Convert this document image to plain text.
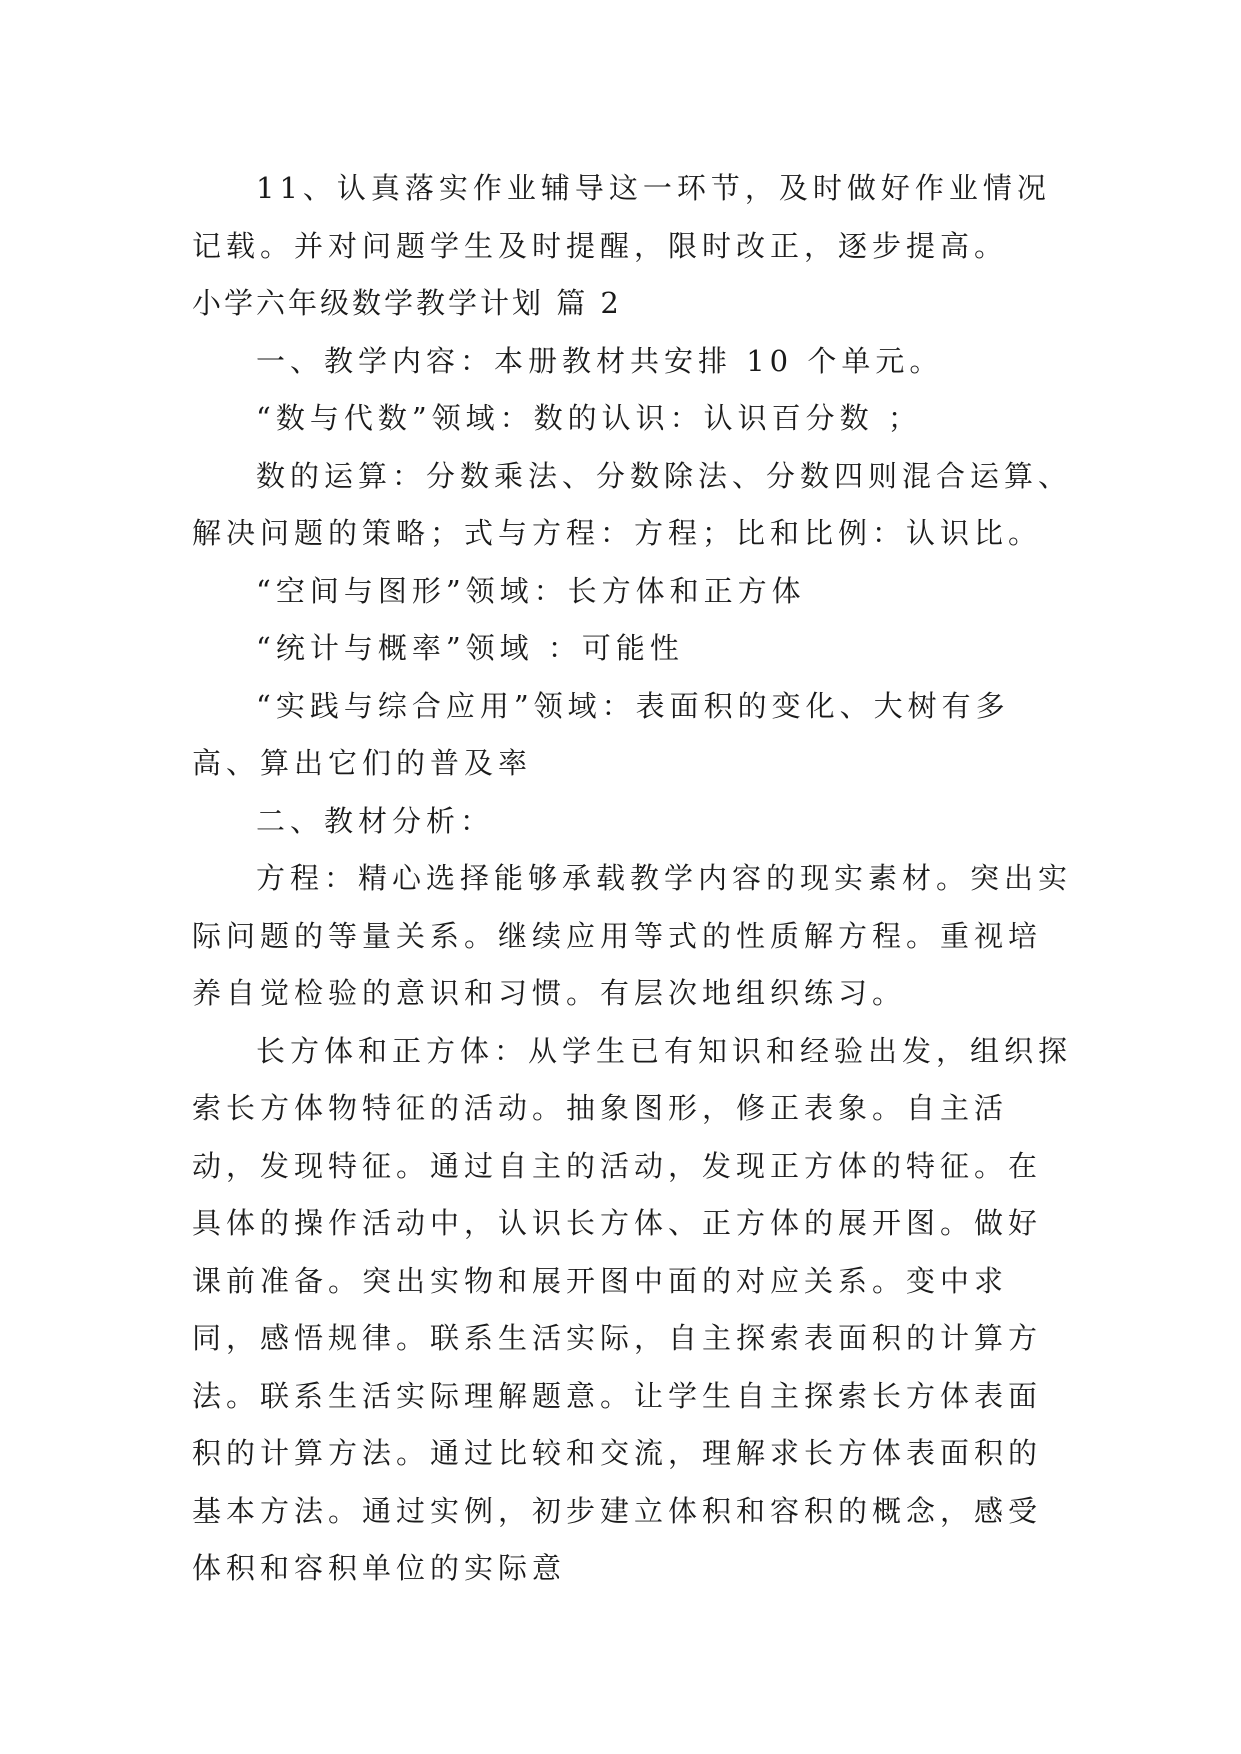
11、认真落实作业辅导这一环节，及时做好作业情况记载。并对问题学生及时提醒，限时改正，逐步提高。

小学六年级数学教学计划 篇 2

一、教学内容：本册教材共安排 10 个单元。

“数与代数”领域：数的认识：认识百分数 ；

数的运算：分数乘法、分数除法、分数四则混合运算、解决问题的策略；式与方程：方程；比和比例：认识比。

“空间与图形”领域：长方体和正方体

“统计与概率”领域 ：可能性

“实践与综合应用”领域：表面积的变化、大树有多高、算出它们的普及率

二、教材分析：

方程：精心选择能够承载教学内容的现实素材。突出实际问题的等量关系。继续应用等式的性质解方程。重视培养自觉检验的意识和习惯。有层次地组织练习。

长方体和正方体：从学生已有知识和经验出发，组织探索长方体物特征的活动。抽象图形，修正表象。自主活动，发现特征。通过自主的活动，发现正方体的特征。在具体的操作活动中，认识长方体、正方体的展开图。做好课前准备。突出实物和展开图中面的对应关系。变中求同，感悟规律。联系生活实际，自主探索表面积的计算方法。联系生活实际理解题意。让学生自主探索长方体表面积的计算方法。通过比较和交流，理解求长方体表面积的基本方法。通过实例，初步建立体积和容积的概念，感受体积和容积单位的实际意
